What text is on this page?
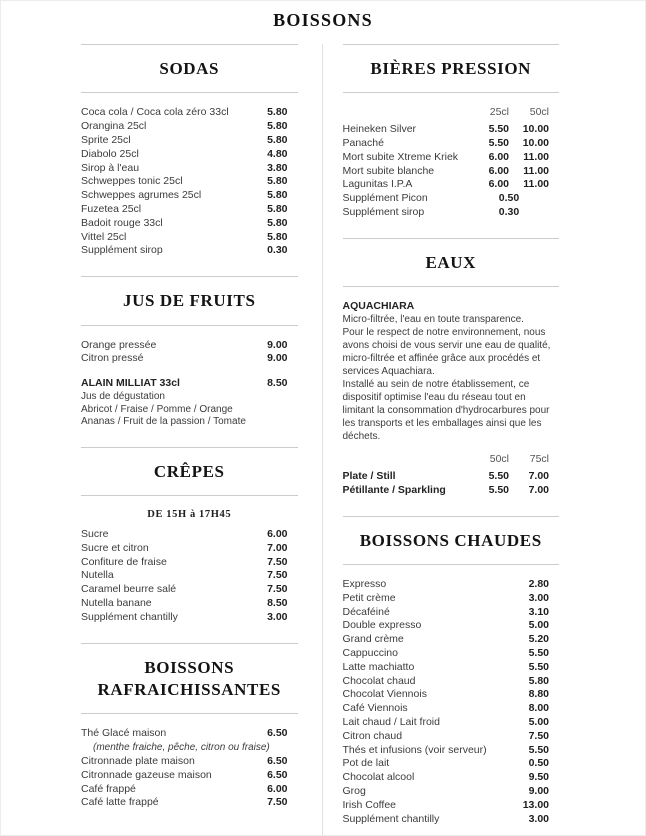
BOISSONS
SODAS
Coca cola / Coca cola zéro 33cl	5.80
Orangina 25cl	5.80
Sprite 25cl	5.80
Diabolo 25cl	4.80
Sirop à l'eau	3.80
Schweppes tonic 25cl	5.80
Schweppes agrumes 25cl	5.80
Fuzetea 25cl	5.80
Badoit rouge 33cl	5.80
Vittel 25cl	5.80
Supplément sirop	0.30
JUS DE FRUITS
Orange pressée	9.00
Citron pressé	9.00
ALAIN MILLIAT 33cl	8.50
Jus de dégustation
Abricot / Fraise / Pomme / Orange
Ananas / Fruit de la passion / Tomate
CRÊPES
DE 15H à 17H45
Sucre	6.00
Sucre et citron	7.00
Confiture de fraise	7.50
Nutella	7.50
Caramel beurre salé	7.50
Nutella banane	8.50
Supplément chantilly	3.00
BOISSONS
RAFRAICHISSANTES
Thé Glacé maison	6.50
(menthe fraiche, pêche, citron ou fraise)
Citronnade plate maison	6.50
Citronnade gazeuse maison	6.50
Café frappé	6.00
Café latte frappé	7.50
BIÈRES PRESSION
25cl	50cl
Heineken Silver	5.50	10.00
Panaché	5.50	10.00
Mort subite Xtreme Kriek	6.00	11.00
Mort subite blanche	6.00	11.00
Lagunitas I.P.A	6.00	11.00
Supplément Picon	0.50
Supplément sirop	0.30
EAUX
AQUACHIARA

Micro-filtrée, l'eau en toute transparence.

Pour le respect de notre environnement, nous avons choisi de vous servir une eau de qualité, micro-filtrée et affinée grâce aux procédés et services Aquachiara.

Installé au sein de notre établissement, ce dispositif optimise l'eau du réseau tout en limitant la consommation d'hydrocarbures pour les transports et les emballages ainsi que les déchets.

50cl	75cl
Plate / Still	5.50	7.00
Pétillante / Sparkling	5.50	7.00
BOISSONS CHAUDES
Expresso	2.80
Petit crème	3.00
Décaféiné	3.10
Double expresso	5.00
Grand crème	5.20
Cappuccino	5.50
Latte machiatto	5.50
Chocolat chaud	5.80
Chocolat Viennois	8.80
Café Viennois	8.00
Lait chaud / Lait froid	5.00
Citron chaud	7.50
Thés et infusions (voir serveur)	5.50
Pot de lait	0.50
Chocolat alcool	9.50
Grog	9.00
Irish Coffee	13.00
Supplément chantilly	3.00
